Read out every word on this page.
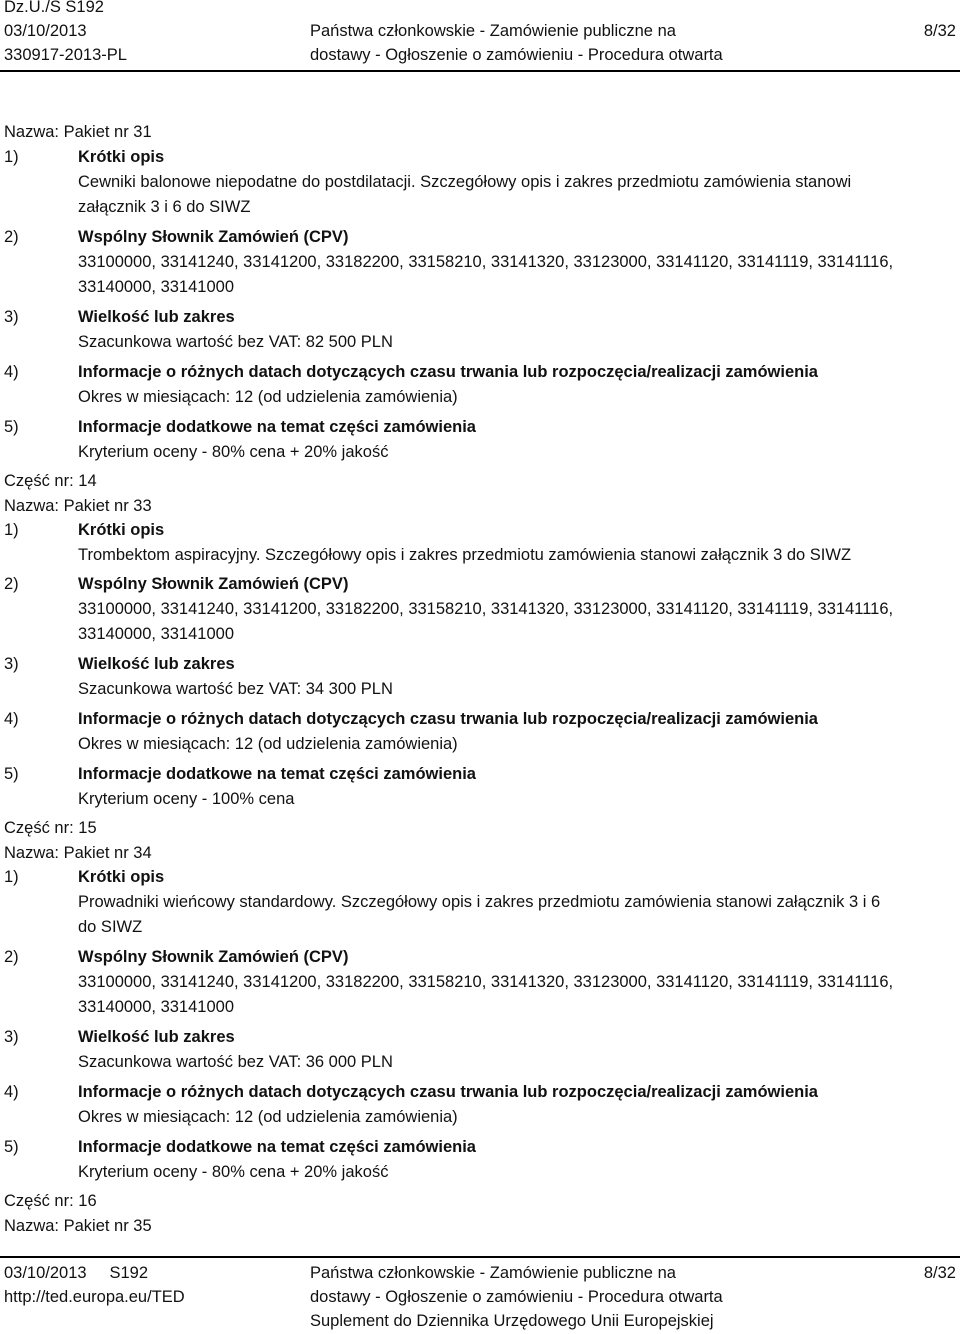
Dz.U./S S192
03/10/2013
330917-2013-PL
Państwa członkowskie - Zamówienie publiczne na
dostawy - Ogłoszenie o zamówieniu - Procedura otwarta
8/32
Nazwa: Pakiet nr 31
1)	Krótki opis
Cewniki balonowe niepodatne do postdilatacji. Szczegółowy opis i zakres przedmiotu zamówienia stanowi
załącznik 3 i 6 do SIWZ
2)	Wspólny Słownik Zamówień (CPV)
33100000, 33141240, 33141200, 33182200, 33158210, 33141320, 33123000, 33141120, 33141119, 33141116,
33140000, 33141000
3)	Wielkość lub zakres
Szacunkowa wartość bez VAT: 82 500 PLN
4)	Informacje o różnych datach dotyczących czasu trwania lub rozpoczęcia/realizacji zamówienia
Okres w miesiącach: 12 (od udzielenia zamówienia)
5)	Informacje dodatkowe na temat części zamówienia
Kryterium oceny - 80% cena + 20% jakość
Część nr: 14
Nazwa: Pakiet nr 33
1)	Krótki opis
Trombektom aspiracyjny. Szczegółowy opis i zakres przedmiotu zamówienia stanowi załącznik 3 do SIWZ
2)	Wspólny Słownik Zamówień (CPV)
33100000, 33141240, 33141200, 33182200, 33158210, 33141320, 33123000, 33141120, 33141119, 33141116,
33140000, 33141000
3)	Wielkość lub zakres
Szacunkowa wartość bez VAT: 34 300 PLN
4)	Informacje o różnych datach dotyczących czasu trwania lub rozpoczęcia/realizacji zamówienia
Okres w miesiącach: 12 (od udzielenia zamówienia)
5)	Informacje dodatkowe na temat części zamówienia
Kryterium oceny - 100% cena
Część nr: 15
Nazwa: Pakiet nr 34
1)	Krótki opis
Prowadniki wieńcowy standardowy. Szczegółowy opis i zakres przedmiotu zamówienia stanowi załącznik 3 i 6
do SIWZ
2)	Wspólny Słownik Zamówień (CPV)
33100000, 33141240, 33141200, 33182200, 33158210, 33141320, 33123000, 33141120, 33141119, 33141116,
33140000, 33141000
3)	Wielkość lub zakres
Szacunkowa wartość bez VAT: 36 000 PLN
4)	Informacje o różnych datach dotyczących czasu trwania lub rozpoczęcia/realizacji zamówienia
Okres w miesiącach: 12 (od udzielenia zamówienia)
5)	Informacje dodatkowe na temat części zamówienia
Kryterium oceny - 80% cena + 20% jakość
Część nr: 16
Nazwa: Pakiet nr 35
03/10/2013     S192
http://ted.europa.eu/TED
Państwa członkowskie - Zamówienie publiczne na
dostawy - Ogłoszenie o zamówieniu - Procedura otwarta
Suplement do Dziennika Urzędowego Unii Europejskiej
8/32
